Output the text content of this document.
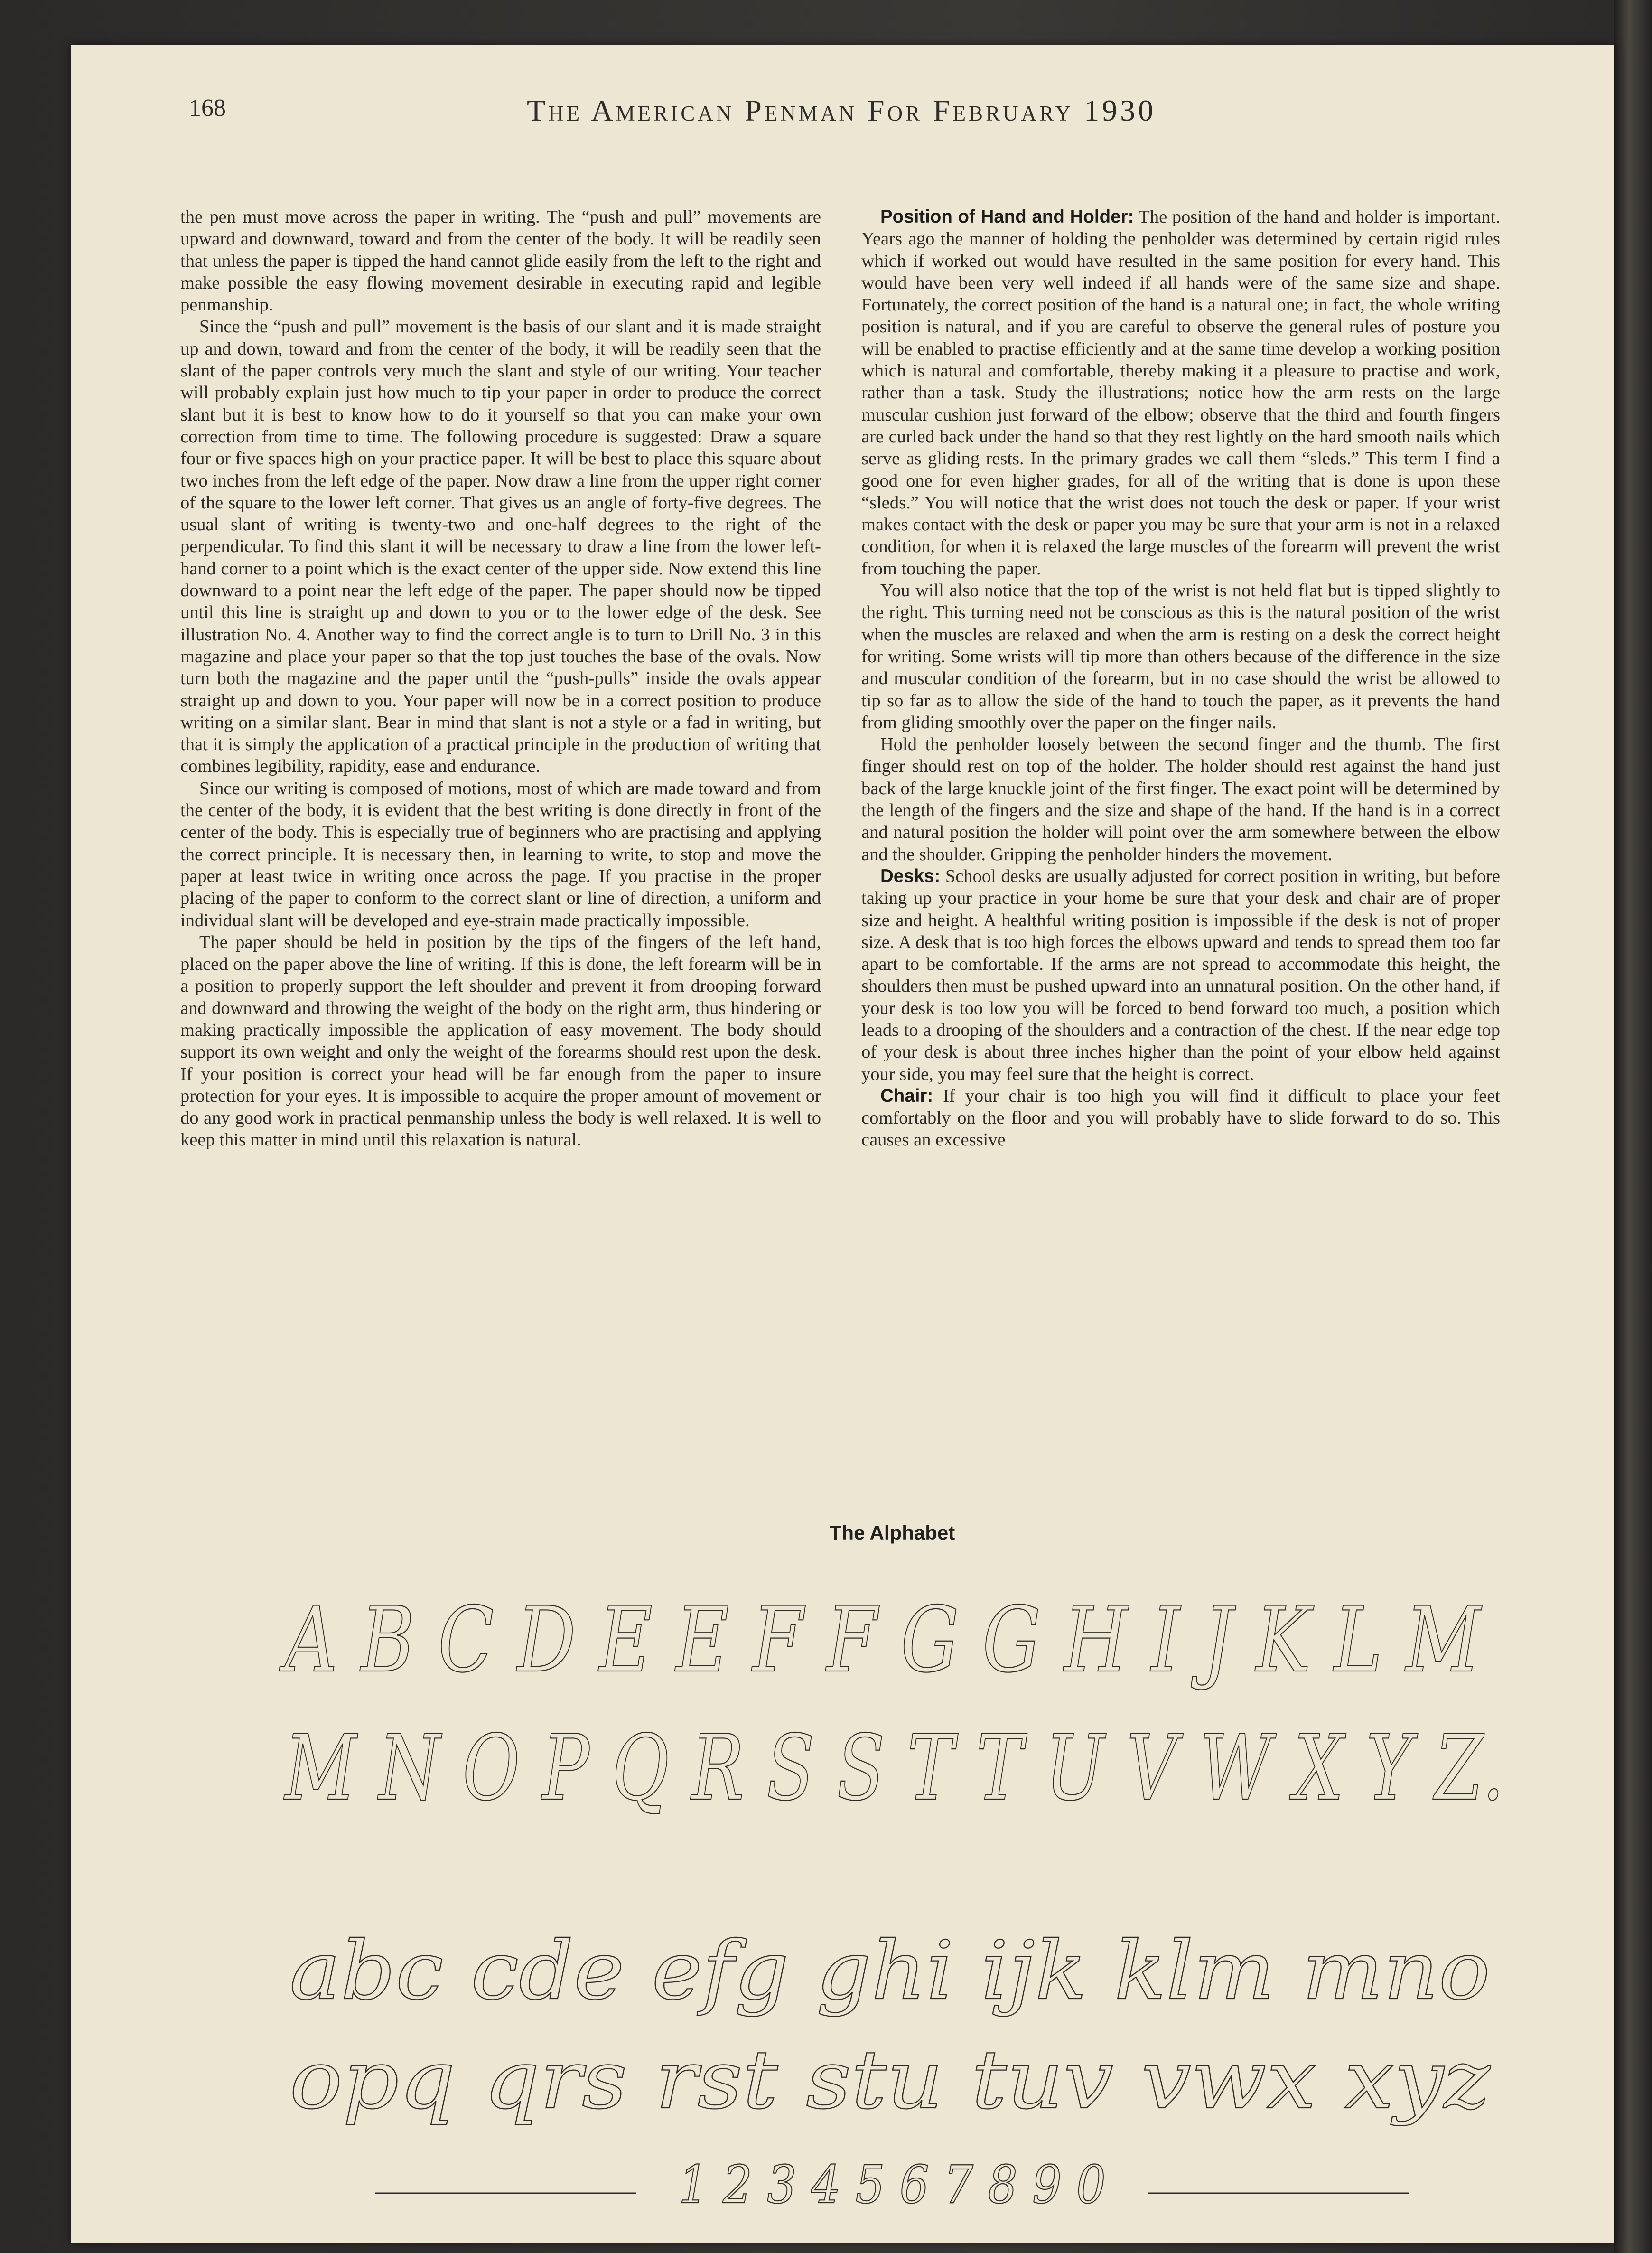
168	The American Penman For February 1930

the pen must move across the paper in writing. The “push and pull” movements are upward and downward, toward and from the center of the body. It will be readily seen that unless the paper is tipped the hand cannot glide easily from the left to the right and make possible the easy flowing movement desirable in executing rapid and legible penmanship.

Since the “push and pull” movement is the basis of our slant and it is made straight up and down, toward and from the center of the body, it will be readily seen that the slant of the paper controls very much the slant and style of our writing. Your teacher will probably explain just how much to tip your paper in order to produce the correct slant but it is best to know how to do it yourself so that you can make your own correction from time to time. The following procedure is suggested: Draw a square four or five spaces high on your practice paper. It will be best to place this square about two inches from the left edge of the paper. Now draw a line from the upper right corner of the square to the lower left corner. That gives us an angle of forty-five degrees. The usual slant of writing is twenty-two and one-half degrees to the right of the perpendicular. To find this slant it will be necessary to draw a line from the lower left-hand corner to a point which is the exact center of the upper side. Now extend this line downward to a point near the left edge of the paper. The paper should now be tipped until this line is straight up and down to you or to the lower edge of the desk. See illustration No. 4. Another way to find the correct angle is to turn to Drill No. 3 in this magazine and place your paper so that the top just touches the base of the ovals. Now turn both the magazine and the paper until the “push-pulls” inside the ovals appear straight up and down to you. Your paper will now be in a correct position to produce writing on a similar slant. Bear in mind that slant is not a style or a fad in writing, but that it is simply the application of a practical principle in the production of writing that combines legibility, rapidity, ease and endurance.

Since our writing is composed of motions, most of which are made toward and from the center of the body, it is evident that the best writing is done directly in front of the center of the body. This is especially true of beginners who are practising and applying the correct principle. It is necessary then, in learning to write, to stop and move the paper at least twice in writing once across the page. If you practise in the proper placing of the paper to conform to the correct slant or line of direction, a uniform and individual slant will be developed and eye-strain made practically impossible.

The paper should be held in position by the tips of the fingers of the left hand, placed on the paper above the line of writing. If this is done, the left forearm will be in a position to properly support the left shoulder and prevent it from drooping forward and downward and throwing the weight of the body on the right arm, thus hindering or making practically impossible the application of easy movement. The body should support its own weight and only the weight of the forearms should rest upon the desk. If your position is correct your head will be far enough from the paper to insure protection for your eyes. It is impossible to acquire the proper amount of movement or do any good work in practical penmanship unless the body is well relaxed. It is well to keep this matter in mind until this relaxation is natural.

Position of Hand and Holder: The position of the hand and holder is important. Years ago the manner of holding the penholder was determined by certain rigid rules which if worked out would have resulted in the same position for every hand. This would have been very well indeed if all hands were of the same size and shape. Fortunately, the correct position of the hand is a natural one; in fact, the whole writing position is natural, and if you are careful to observe the general rules of posture you will be enabled to practise efficiently and at the same time develop a working position which is natural and comfortable, thereby making it a pleasure to practise and work, rather than a task. Study the illustrations; notice how the arm rests on the large muscular cushion just forward of the elbow; observe that the third and fourth fingers are curled back under the hand so that they rest lightly on the hard smooth nails which serve as gliding rests. In the primary grades we call them “sleds.” This term I find a good one for even higher grades, for all of the writing that is done is upon these “sleds.” You will notice that the wrist does not touch the desk or paper. If your wrist makes contact with the desk or paper you may be sure that your arm is not in a relaxed condition, for when it is relaxed the large muscles of the forearm will prevent the wrist from touching the paper.

You will also notice that the top of the wrist is not held flat but is tipped slightly to the right. This turning need not be conscious as this is the natural position of the wrist when the muscles are relaxed and when the arm is resting on a desk the correct height for writing. Some wrists will tip more than others because of the difference in the size and muscular condition of the forearm, but in no case should the wrist be allowed to tip so far as to allow the side of the hand to touch the paper, as it prevents the hand from gliding smoothly over the paper on the finger nails.

Hold the penholder loosely between the second finger and the thumb. The first finger should rest on top of the holder. The holder should rest against the hand just back of the large knuckle joint of the first finger. The exact point will be determined by the length of the fingers and the size and shape of the hand. If the hand is in a correct and natural position the holder will point over the arm somewhere between the elbow and the shoulder. Gripping the penholder hinders the movement.

Desks: School desks are usually adjusted for correct position in writing, but before taking up your practice in your home be sure that your desk and chair are of proper size and height. A healthful writing position is impossible if the desk is not of proper size. A desk that is too high forces the elbows upward and tends to spread them too far apart to be comfortable. If the arms are not spread to accommodate this height, the shoulders then must be pushed upward into an unnatural position. On the other hand, if your desk is too low you will be forced to bend forward too much, a position which leads to a drooping of the shoulders and a contraction of the chest. If the near edge top of your desk is about three inches higher than the point of your elbow held against your side, you may feel sure that the height is correct.

Chair: If your chair is too high you will find it difficult to place your feet comfortably on the floor and you will probably have to slide forward to do so. This causes an excessive

The Alphabet
A B C D E E F F G G H I J K L M
M N O P Q R S S T T U V W X Y Z.
abc cde efg ghi ijk klm mno
opq qrs rst stu tuv vwx xyz
1 2 3 4 5 6 7 8 9 0
